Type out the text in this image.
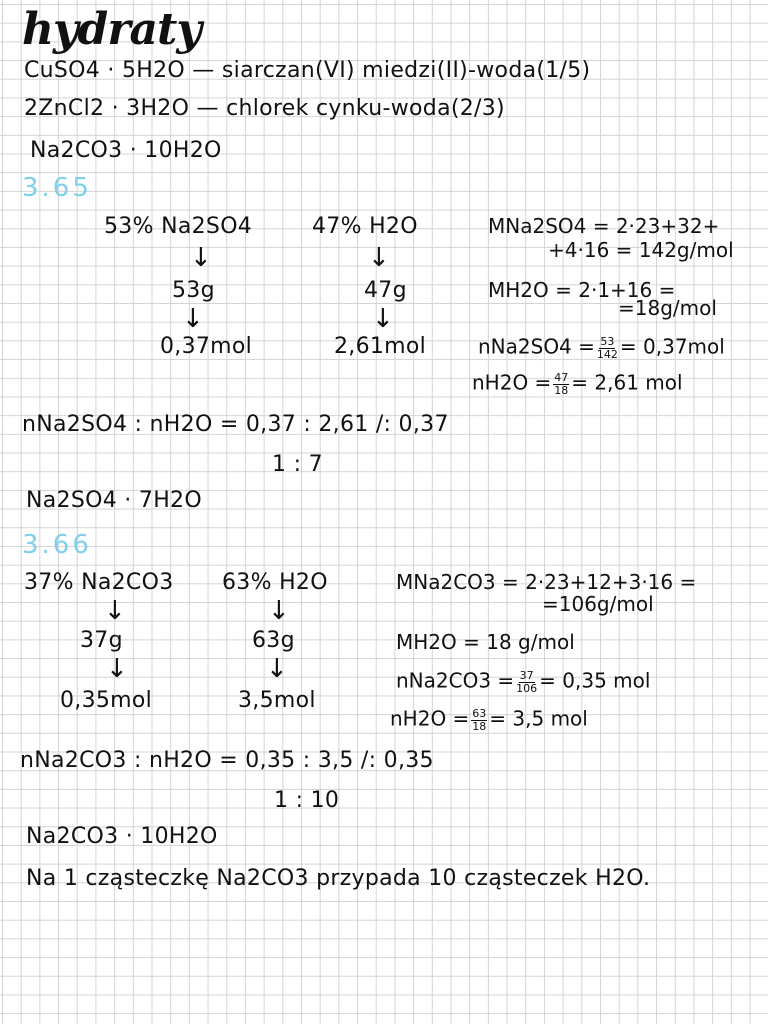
hydraty
CuSO4 · 5H2O — siarczan(VI) miedzi(II)-woda(1/5)
2ZnCl2 · 3H2O — chlorek cynku-woda(2/3)
Na2CO3 · 10H2O
3.65
53% Na2SO4
↓
53g
↓
0,37mol
47% H2O
↓
47g
↓
2,61mol
MNa2SO4 = 2·23+32+
+4·16 = 142g/mol
MH2O = 2·1+16 =
=18g/mol
$nNa2SO4 = \frac{53}{142} = 0,37mol$
$nH2O = \frac{47}{18} = 2,61$ mol
nNa2SO4 : nH2O = 0,37 : 2,61 /: 0,37
1 : 7
Na2SO4 · 7H2O
3.66
37% Na2CO3
↓
37g
↓
0,35mol
63% H2O
↓
63g
↓
3,5mol
MNa2CO3 = 2·23+12+3·16 =
=106g/mol
MH2O = 18 g/mol
$nNa2CO3 = \frac{37}{106} = 0,35$ mol
$nH2O = \frac{63}{18} = 3,5$ mol
nNa2CO3 : nH2O = 0,35 : 3,5 /: 0,35
1 : 10
Na2CO3 · 10H2O
Na 1 cząsteczkę Na2CO3 przypada 10 cząsteczek H2O.
